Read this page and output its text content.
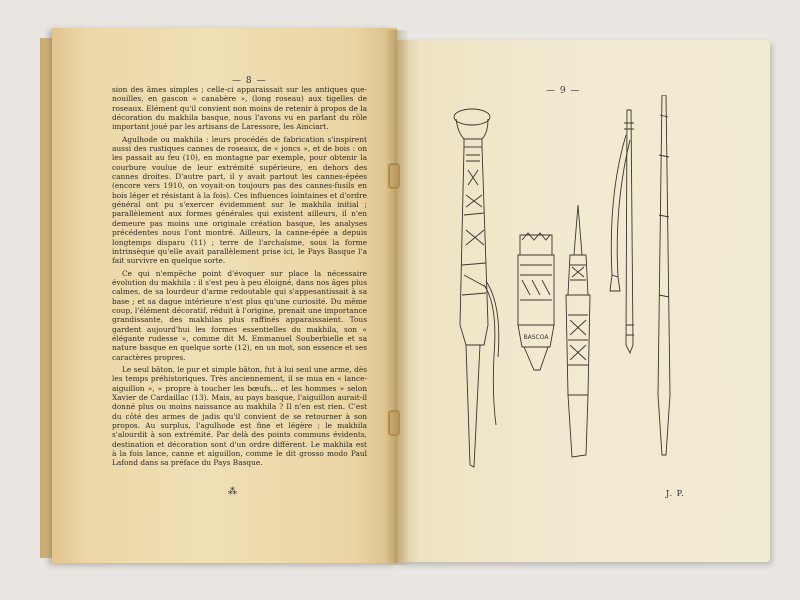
— 8 —
— 9 —

sion des âmes simples ; celle-ci apparaissait sur les antiques que-nouilles, en gascon « canabère », (long roseau) aux tigelles de roseaux. Elément qu'il convient non moins de retenir à propos de la décoration du makhila basque, nous l'avons vu en parlant du rôle important joué par les artisans de Laressore, les Ainciart.

Agulhode ou makhila : leurs procédés de fabrication s'inspirent aussi des rustiques cannes de roseaux, de « joncs », et de bois : on les passait au feu (10), en montagne par exemple, pour obtenir la courbure voulue de leur extrémité supérieure, en dehors des cannes droites. D'autre part, il y avait partout les cannes-épées (encore vers 1910, on voyait-on toujours pas des cannes-fusils en bois léger et résistant à la fois). Ces influences lointaines et d'ordre général ont pu s'exercer évidemment sur le makhila initial ; parallèlement aux formes générales qui existent ailleurs, il n'en demeure pas moins une originale création basque, les analyses précédentes nous l'ont montré. Ailleurs, la canne-épée a depuis longtemps disparu (11) ; terre de l'archaïsme, sous la forme intrinsèque qu'elle avait parallèlement prise ici, le Pays Basque l'a fait survivre en quelque sorte.

Ce qui n'empêche point d'évoquer sur place la nécessaire évolution du makhila : il s'est peu à peu éloigné, dans nos âges plus calmes, de sa lourdeur d'arme redoutable qui s'appesantissait à sa base ; et sa dague intérieure n'est plus qu'une curiosité. Du même coup, l'élément décoratif, réduit à l'origine, prenait une importance grandissante, des makhilas plus raffinés apparaissaient. Tous gardent aujourd'hui les formes essentielles du makhila, son « élégante rudesse », comme dit M. Emmanuel Souberbielle et sa nature basque en quelque sorte (12), en un mot, son essence et ses caractères propres.

Le seul bâton, le pur et simple bâton, fut à lui seul une arme, dès les temps préhistoriques. Très anciennement, il se mua en « lance-aiguillon », « propre à toucher les bœufs... et les hommes » selon Xavier de Cardaillac (13). Mais, au pays basque, l'aiguillon aurait-il donné plus ou moins naissance au makhila ? Il n'en est rien. C'est du côté des armes de jadis qu'il convient de se retourner à son propos. Au surplus, l'agulhode est fine et légère ; le makhila s'alourdit à son extrémité. Par delà des points communs évidents, destination et décoration sont d'un ordre différent. Le makhila est à la fois lance, canne et aiguillon, comme le dit grosso modo Paul Lafond dans sa préface du Pays Basque.

⁂
BASCOA
J. P.
